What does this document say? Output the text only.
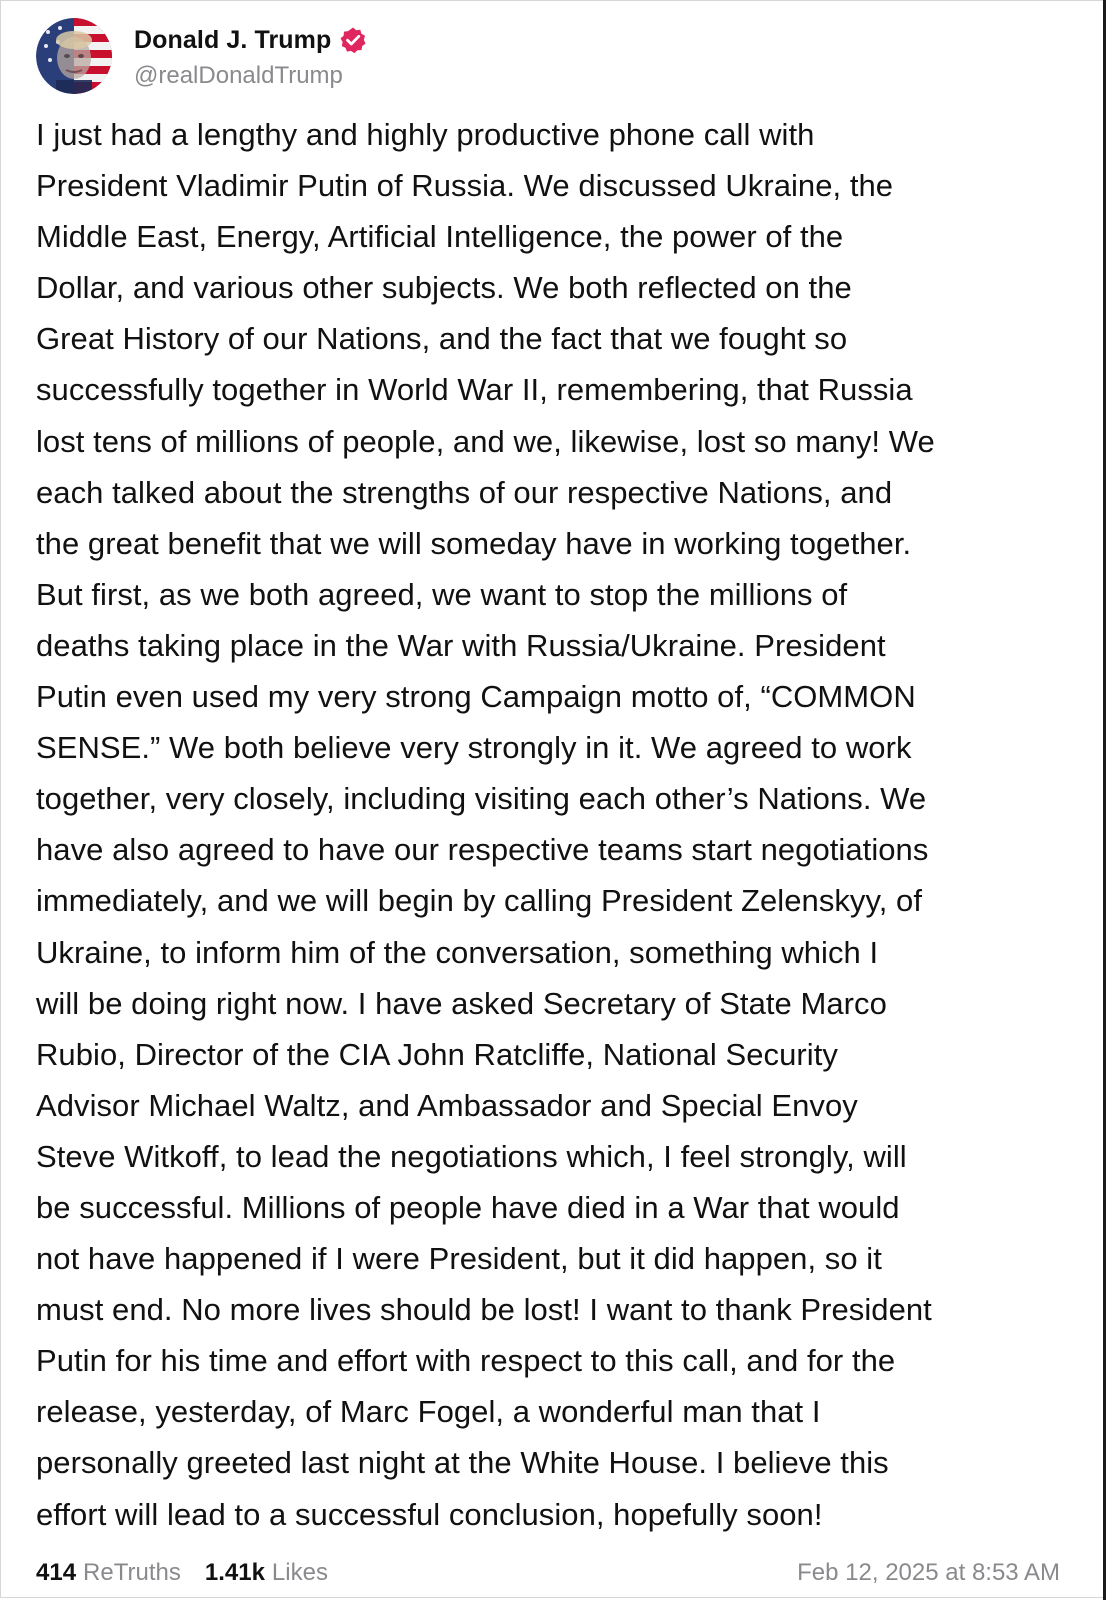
Donald J. Trump
@realDonaldTrump
I just had a lengthy and highly productive phone call with
President Vladimir Putin of Russia. We discussed Ukraine, the
Middle East, Energy, Artificial Intelligence, the power of the
Dollar, and various other subjects. We both reflected on the
Great History of our Nations, and the fact that we fought so
successfully together in World War II, remembering, that Russia
lost tens of millions of people, and we, likewise, lost so many! We
each talked about the strengths of our respective Nations, and
the great benefit that we will someday have in working together.
But first, as we both agreed, we want to stop the millions of
deaths taking place in the War with Russia/Ukraine. President
Putin even used my very strong Campaign motto of, “COMMON
SENSE.” We both believe very strongly in it. We agreed to work
together, very closely, including visiting each other’s Nations. We
have also agreed to have our respective teams start negotiations
immediately, and we will begin by calling President Zelenskyy, of
Ukraine, to inform him of the conversation, something which I
will be doing right now. I have asked Secretary of State Marco
Rubio, Director of the CIA John Ratcliffe, National Security
Advisor Michael Waltz, and Ambassador and Special Envoy
Steve Witkoff, to lead the negotiations which, I feel strongly, will
be successful. Millions of people have died in a War that would
not have happened if I were President, but it did happen, so it
must end. No more lives should be lost! I want to thank President
Putin for his time and effort with respect to this call, and for the
release, yesterday, of Marc Fogel, a wonderful man that I
personally greeted last night at the White House. I believe this
effort will lead to a successful conclusion, hopefully soon!
414 ReTruths 1.41k Likes	Feb 12, 2025 at 8:53 AM
